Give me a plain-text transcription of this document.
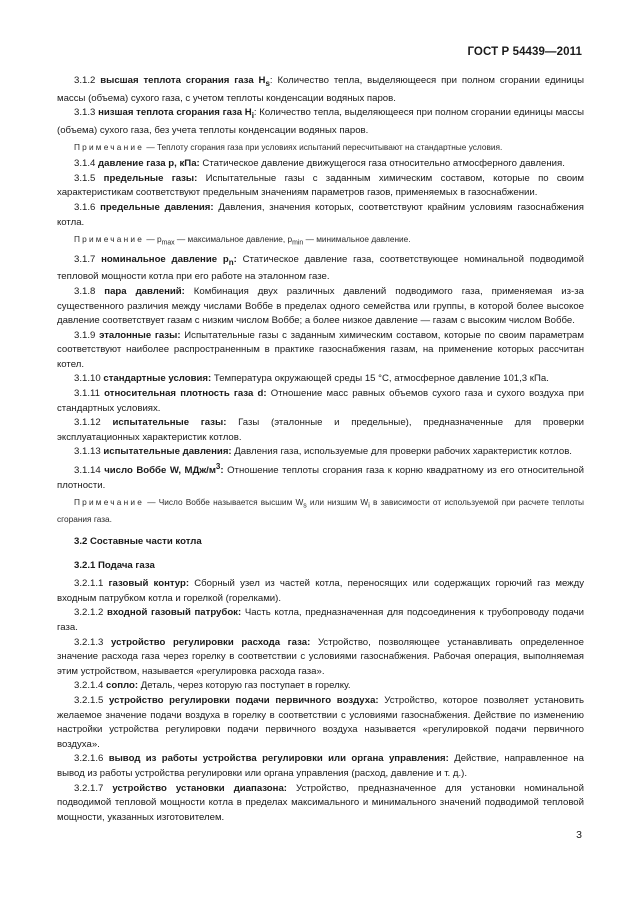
ГОСТ Р 54439—2011

3.1.2 высшая теплота сгорания газа $H_s$: Количество тепла, выделяющееся при полном сгорании единицы массы (объема) сухого газа, с учетом теплоты конденсации водяных паров.

3.1.3 низшая теплота сгорания газа $H_i$: Количество тепла, выделяющееся при полном сгорании единицы массы (объема) сухого газа, без учета теплоты конденсации водяных паров.

Примечание — Теплоту сгорания газа при условиях испытаний пересчитывают на стандартные условия.

3.1.4 давление газа p, кПа: Статическое давление движущегося газа относительно атмосферного давления.

3.1.5 предельные газы: Испытательные газы с заданным химическим составом, которые по своим характеристикам соответствуют предельным значениям параметров газов, применяемых в газоснабжении.

3.1.6 предельные давления: Давления, значения которых, соответствуют крайним условиям газоснабжения котла.

Примечание — $p_{max}$ — максимальное давление, $p_{min}$ — минимальное давление.

3.1.7 номинальное давление $p_n$: Статическое давление газа, соответствующее номинальной подводимой тепловой мощности котла при его работе на эталонном газе.

3.1.8 пара давлений: Комбинация двух различных давлений подводимого газа, применяемая из-за существенного различия между числами Воббе в пределах одного семейства или группы, в которой более высокое давление соответствует газам с низким числом Воббе; а более низкое давление — газам с высоким числом Воббе.

3.1.9 эталонные газы: Испытательные газы с заданным химическим составом, которые по своим параметрам соответствуют наиболее распространенным в практике газоснабжения газам, на применение которых рассчитан котел.

3.1.10 стандартные условия: Температура окружающей среды 15 °С, атмосферное давление 101,3 кПа.

3.1.11 относительная плотность газа d: Отношение масс равных объемов сухого газа и сухого воздуха при стандартных условиях.

3.1.12 испытательные газы: Газы (эталонные и предельные), предназначенные для проверки эксплуатационных характеристик котлов.

3.1.13 испытательные давления: Давления газа, используемые для проверки рабочих характеристик котлов.

3.1.14 число Воббе W, МДж/$м^3$: Отношение теплоты сгорания газа к корню квадратному из его относительной плотности.

Примечание — Число Воббе называется высшим $W_s$ или низшим $W_i$ в зависимости от используемой при расчете теплоты сгорания газа.

3.2 Составные части котла

3.2.1 Подача газа

3.2.1.1 газовый контур: Сборный узел из частей котла, переносящих или содержащих горючий газ между входным патрубком котла и горелкой (горелками).

3.2.1.2 входной газовый патрубок: Часть котла, предназначенная для подсоединения к трубопроводу подачи газа.

3.2.1.3 устройство регулировки расхода газа: Устройство, позволяющее устанавливать определенное значение расхода газа через горелку в соответствии с условиями газоснабжения. Рабочая операция, выполняемая этим устройством, называется «регулировка расхода газа».

3.2.1.4 сопло: Деталь, через которую газ поступает в горелку.

3.2.1.5 устройство регулировки подачи первичного воздуха: Устройство, которое позволяет установить желаемое значение подачи воздуха в горелку в соответствии с условиями газоснабжения. Действие по изменению настройки устройства регулировки подачи первичного воздуха называется «регулировкой подачи первичного воздуха».

3.2.1.6 вывод из работы устройства регулировки или органа управления: Действие, направленное на вывод из работы устройства регулировки или органа управления (расход, давление и т. д.).

3.2.1.7 устройство установки диапазона: Устройство, предназначенное для установки номинальной подводимой тепловой мощности котла в пределах максимального и минимального значений подводимой тепловой мощности, указанных изготовителем.

3
